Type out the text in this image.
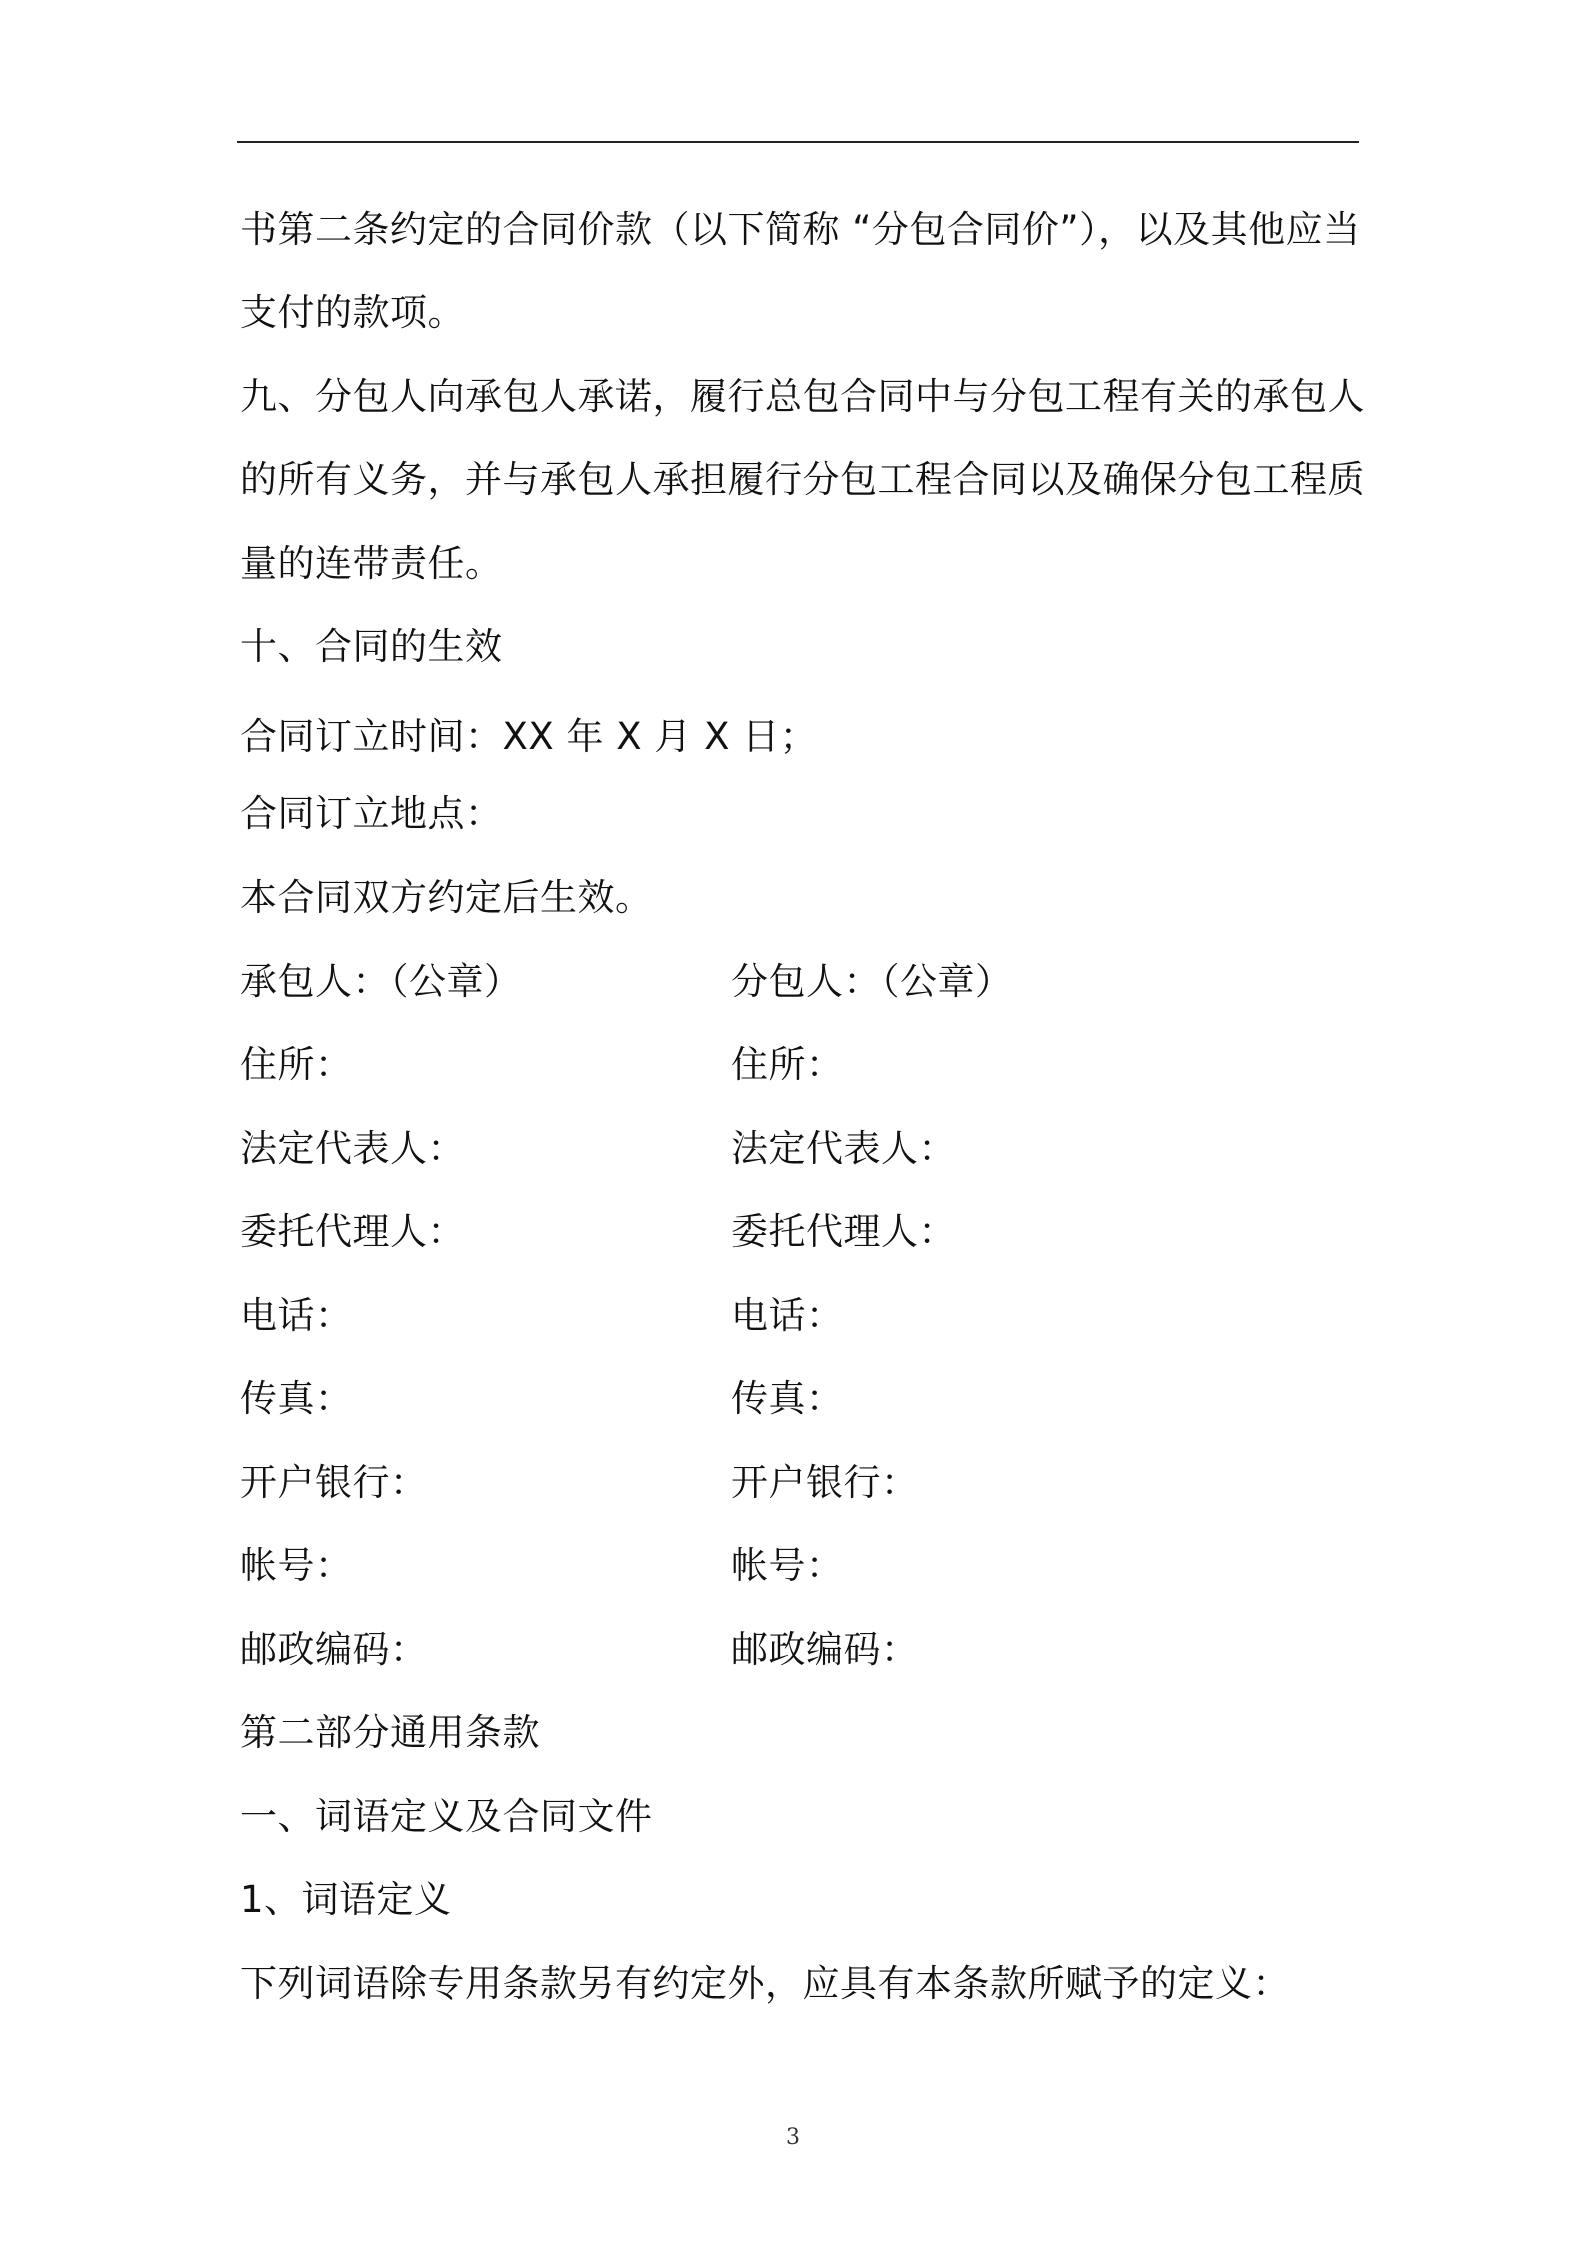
书第二条约定的合同价款（以下简称 “分包合同价”），以及其他应当
支付的款项。
九、分包人向承包人承诺，履行总包合同中与分包工程有关的承包人
的所有义务，并与承包人承担履行分包工程合同以及确保分包工程质
量的连带责任。
十、合同的生效
合同订立时间：XX 年 X 月 X 日；
合同订立地点：
本合同双方约定后生效。
承包人：（公章）	分包人：（公章）
住所：	住所：
法定代表人：	法定代表人：
委托代理人：	委托代理人：
电话：	电话：
传真：	传真：
开户银行：	开户银行：
帐号：	帐号：
邮政编码：	邮政编码：
第二部分通用条款
一、词语定义及合同文件
1、词语定义
下列词语除专用条款另有约定外，应具有本条款所赋予的定义：
3
